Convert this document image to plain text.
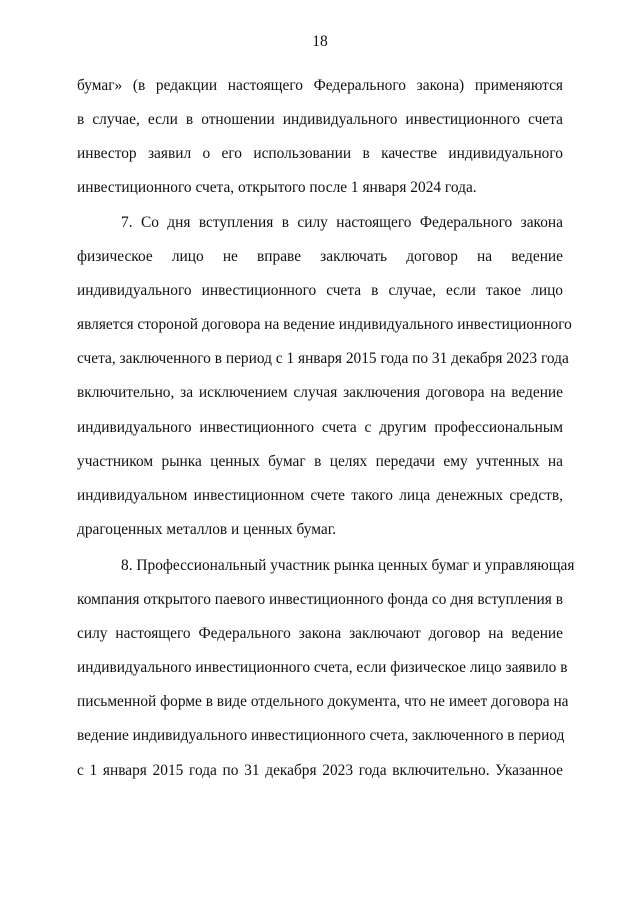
18
бумаг» (в редакции настоящего Федерального закона) применяются
в случае, если в отношении индивидуального инвестиционного счета
инвестор заявил о его использовании в качестве индивидуального
инвестиционного счета, открытого после 1 января 2024 года.
7. Со дня вступления в силу настоящего Федерального закона
физическое лицо не вправе заключать договор на ведение
индивидуального инвестиционного счета в случае, если такое лицо
является стороной договора на ведение индивидуального инвестиционного
счета, заключенного в период с 1 января 2015 года по 31 декабря 2023 года
включительно, за исключением случая заключения договора на ведение
индивидуального инвестиционного счета с другим профессиональным
участником рынка ценных бумаг в целях передачи ему учтенных на
индивидуальном инвестиционном счете такого лица денежных средств,
драгоценных металлов и ценных бумаг.
8. Профессиональный участник рынка ценных бумаг и управляющая
компания открытого паевого инвестиционного фонда со дня вступления в
силу настоящего Федерального закона заключают договор на ведение
индивидуального инвестиционного счета, если физическое лицо заявило в
письменной форме в виде отдельного документа, что не имеет договора на
ведение индивидуального инвестиционного счета, заключенного в период
с 1 января 2015 года по 31 декабря 2023 года включительно. Указанное
